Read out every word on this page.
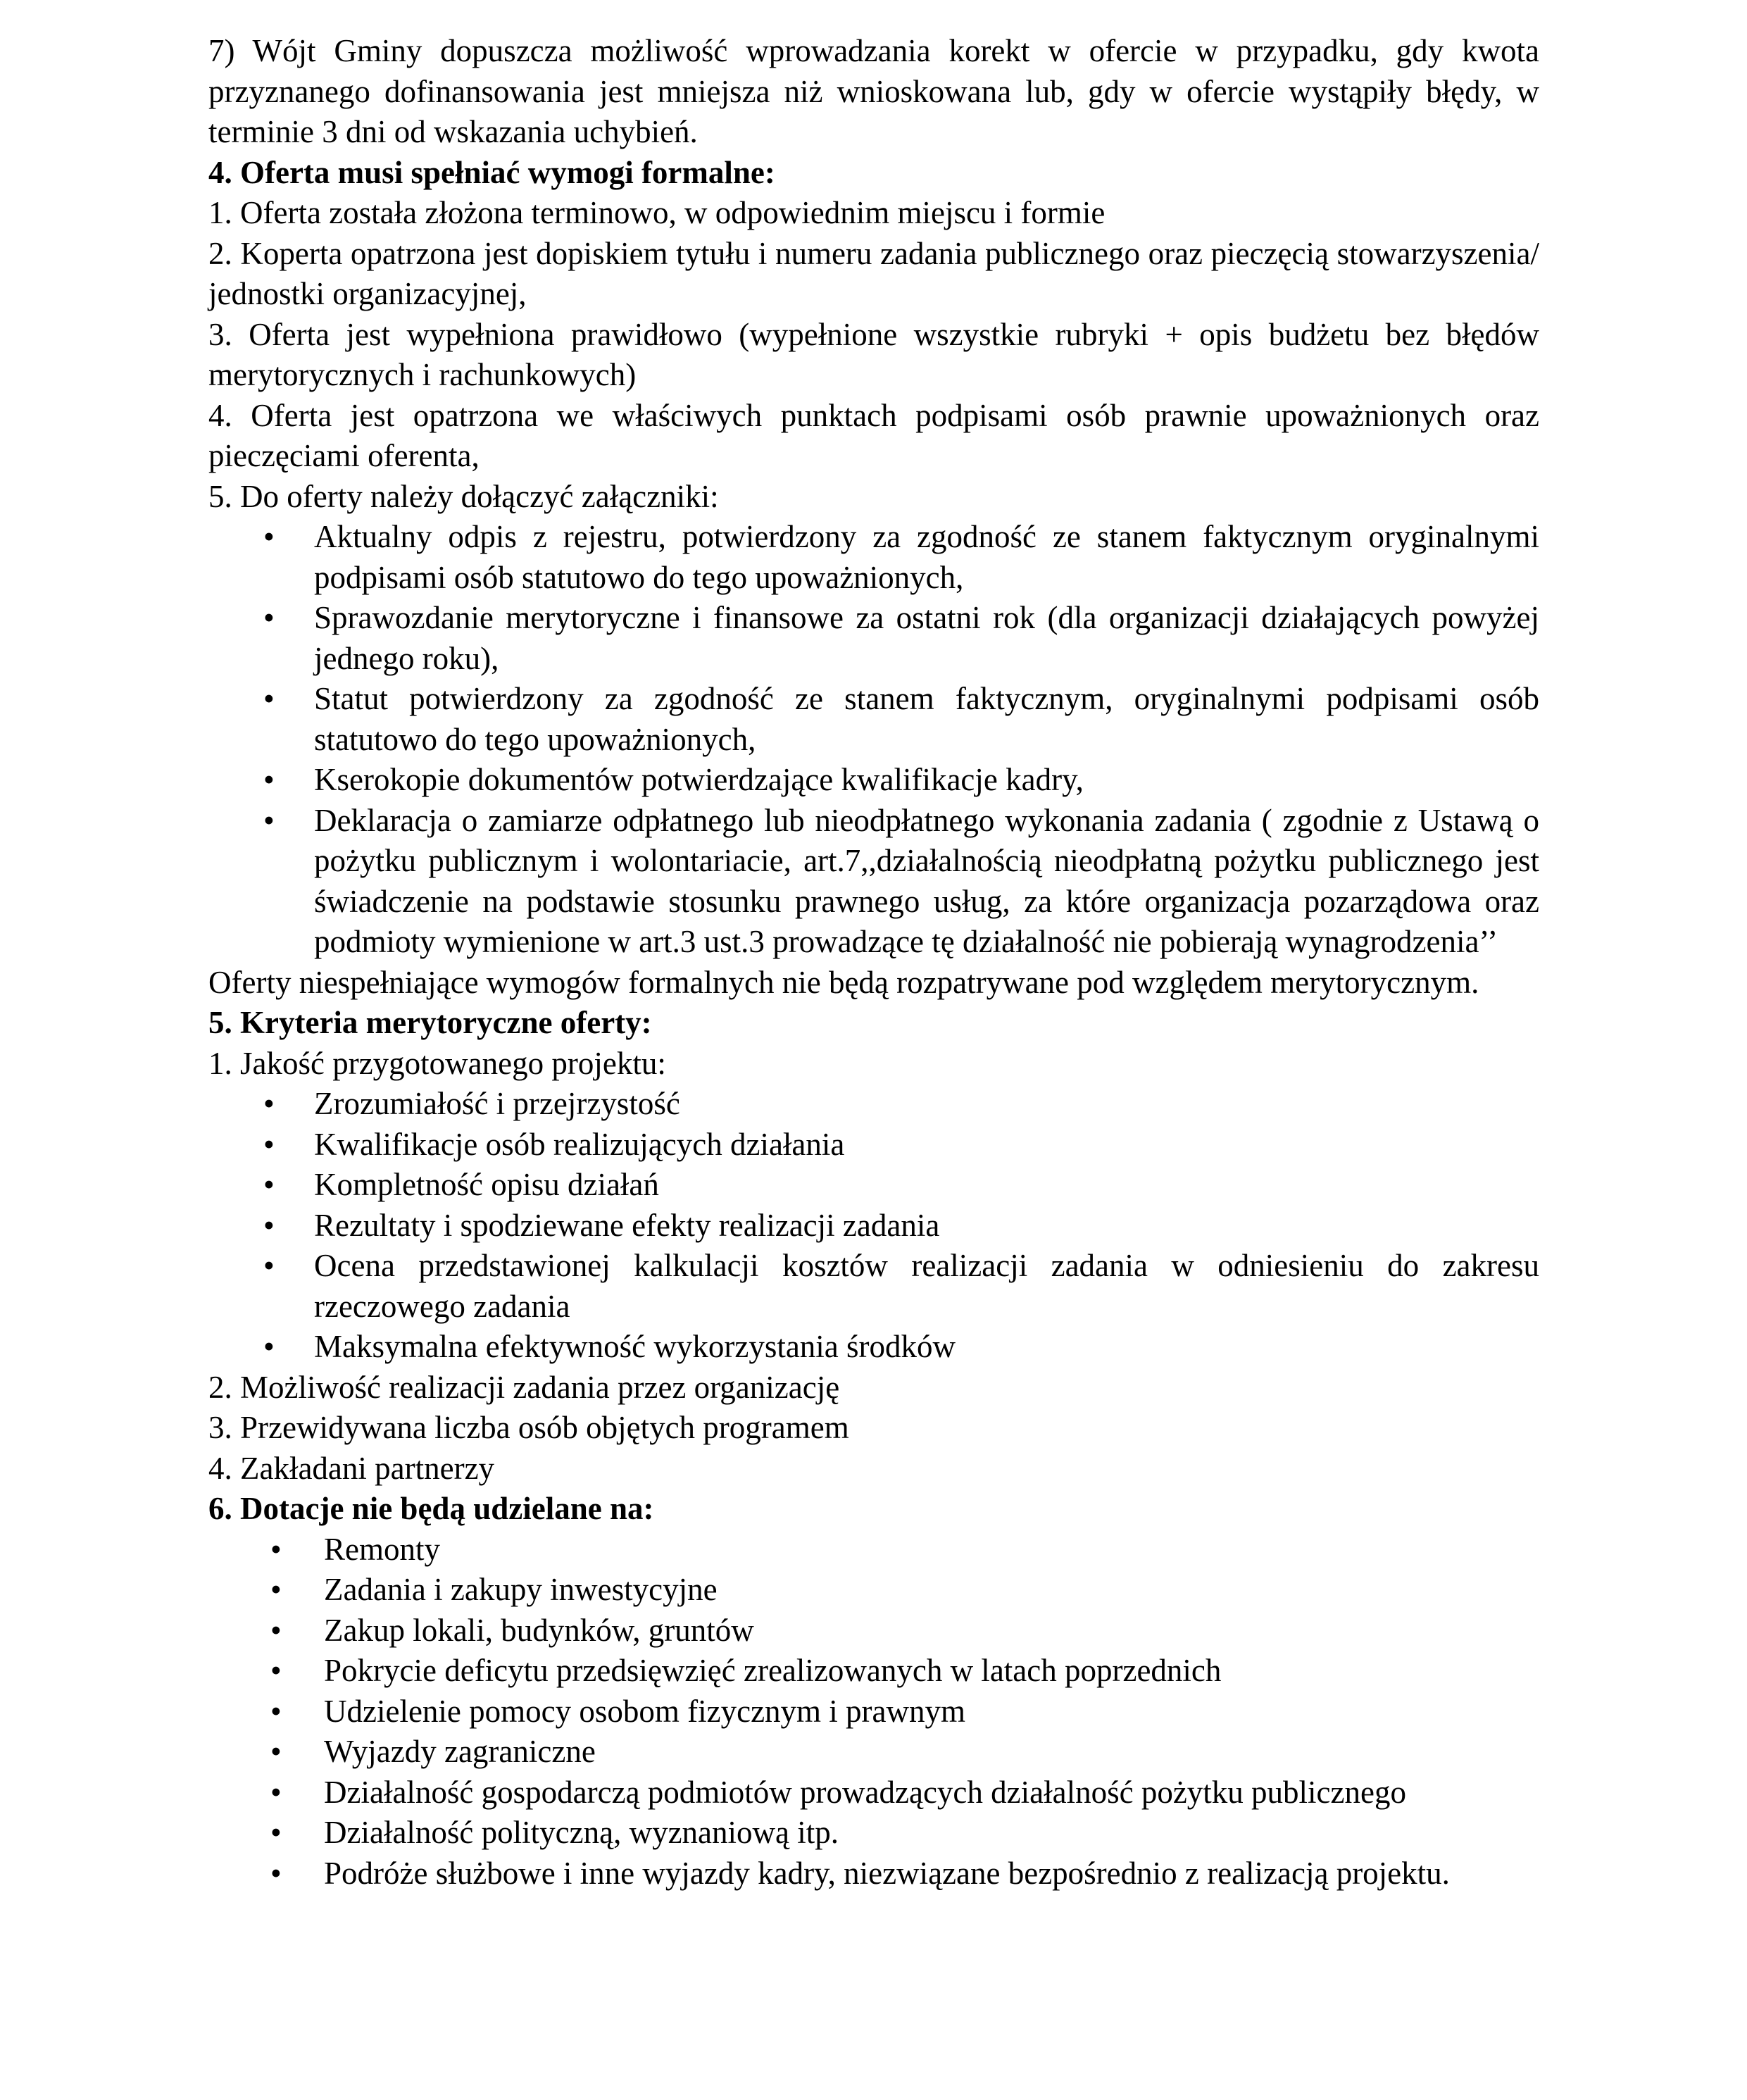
7) Wójt Gminy dopuszcza możliwość wprowadzania korekt w ofercie w przypadku, gdy kwota przyznanego dofinansowania jest mniejsza niż wnioskowana lub, gdy w ofercie wystąpiły błędy, w terminie 3 dni od wskazania uchybień.

4. Oferta musi spełniać wymogi formalne:

1. Oferta została złożona terminowo, w odpowiednim miejscu i formie

2. Koperta opatrzona jest dopiskiem tytułu i numeru zadania publicznego oraz pieczęcią stowarzyszenia/ jednostki organizacyjnej,

3. Oferta jest wypełniona prawidłowo (wypełnione wszystkie rubryki + opis budżetu bez błędów merytorycznych i rachunkowych)

4. Oferta jest opatrzona we właściwych punktach podpisami osób prawnie upoważnionych oraz pieczęciami oferenta,

5. Do oferty należy dołączyć załączniki:

• Aktualny odpis z rejestru, potwierdzony za zgodność ze stanem faktycznym oryginalnymi podpisami osób statutowo do tego upoważnionych,
• Sprawozdanie merytoryczne i finansowe za ostatni rok (dla organizacji działających powyżej jednego roku),
• Statut potwierdzony za zgodność ze stanem faktycznym, oryginalnymi podpisami osób statutowo do tego upoważnionych,
• Kserokopie dokumentów potwierdzające kwalifikacje kadry,
• Deklaracja o zamiarze odpłatnego lub nieodpłatnego wykonania zadania ( zgodnie z Ustawą o pożytku publicznym i wolontariacie, art.7,,działalnością nieodpłatną pożytku publicznego jest świadczenie na podstawie stosunku prawnego usług, za które organizacja pozarządowa oraz podmioty wymienione w art.3 ust.3 prowadzące tę działalność nie pobierają wynagrodzenia’’

Oferty niespełniające wymogów formalnych nie będą rozpatrywane pod względem merytorycznym.

5. Kryteria merytoryczne oferty:

1. Jakość przygotowanego projektu:

• Zrozumiałość i przejrzystość
• Kwalifikacje osób realizujących działania
• Kompletność opisu działań
• Rezultaty i spodziewane efekty realizacji zadania
• Ocena przedstawionej kalkulacji kosztów realizacji zadania w odniesieniu do zakresu rzeczowego zadania
• Maksymalna efektywność wykorzystania środków

2. Możliwość realizacji zadania przez organizację

3. Przewidywana liczba osób objętych programem

4. Zakładani partnerzy

6. Dotacje nie będą udzielane na:

• Remonty
• Zadania i zakupy inwestycyjne
• Zakup lokali, budynków, gruntów
• Pokrycie deficytu przedsięwzięć zrealizowanych w latach poprzednich
• Udzielenie pomocy osobom fizycznym i prawnym
• Wyjazdy zagraniczne
• Działalność gospodarczą podmiotów prowadzących działalność pożytku publicznego
• Działalność polityczną, wyznaniową itp.
• Podróże służbowe i inne wyjazdy kadry, niezwiązane bezpośrednio z realizacją projektu.
